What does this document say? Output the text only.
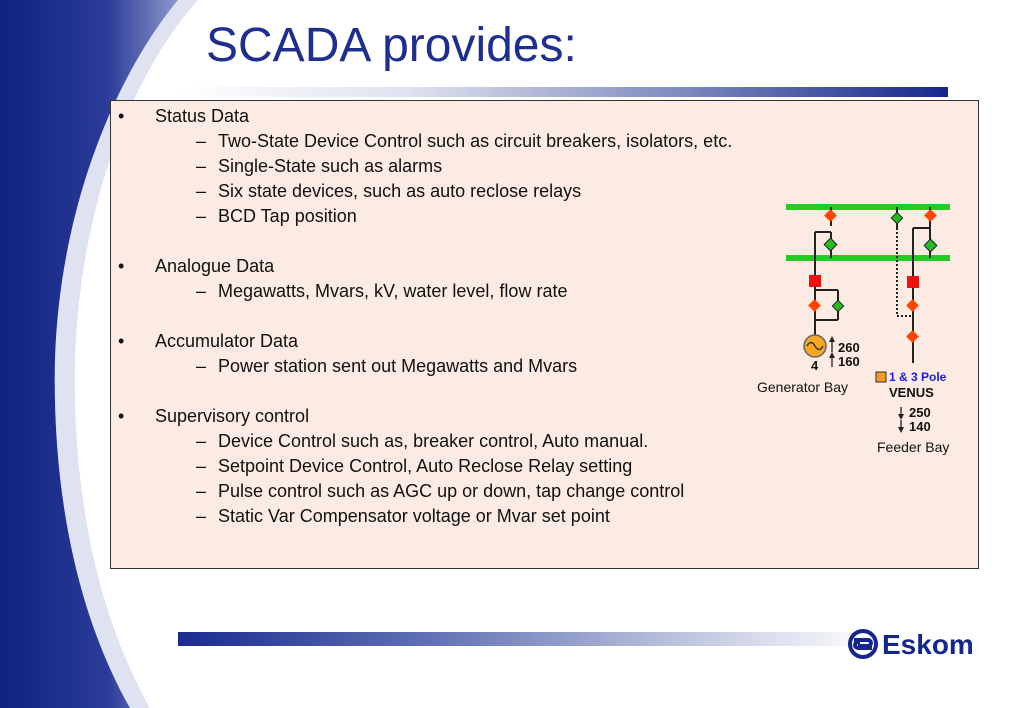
SCADA provides:
•	Status Data
– Two-State Device Control such as circuit breakers, isolators, etc.
– Single-State such as alarms
– Six state devices, such as auto reclose relays
– BCD Tap position
•	Analogue Data
– Megawatts, Mvars, kV, water level, flow rate
•	Accumulator Data
– Power station sent out Megawatts and Mvars
•	Supervisory control
– Device Control such as, breaker control, Auto manual.
– Setpoint Device Control, Auto Reclose Relay setting
– Pulse control such as AGC up or down, tap change control
– Static Var Compensator voltage or Mvar set point
260
160
4
Generator Bay
1 & 3 Pole
VENUS
250
140
Feeder Bay
Eskom
